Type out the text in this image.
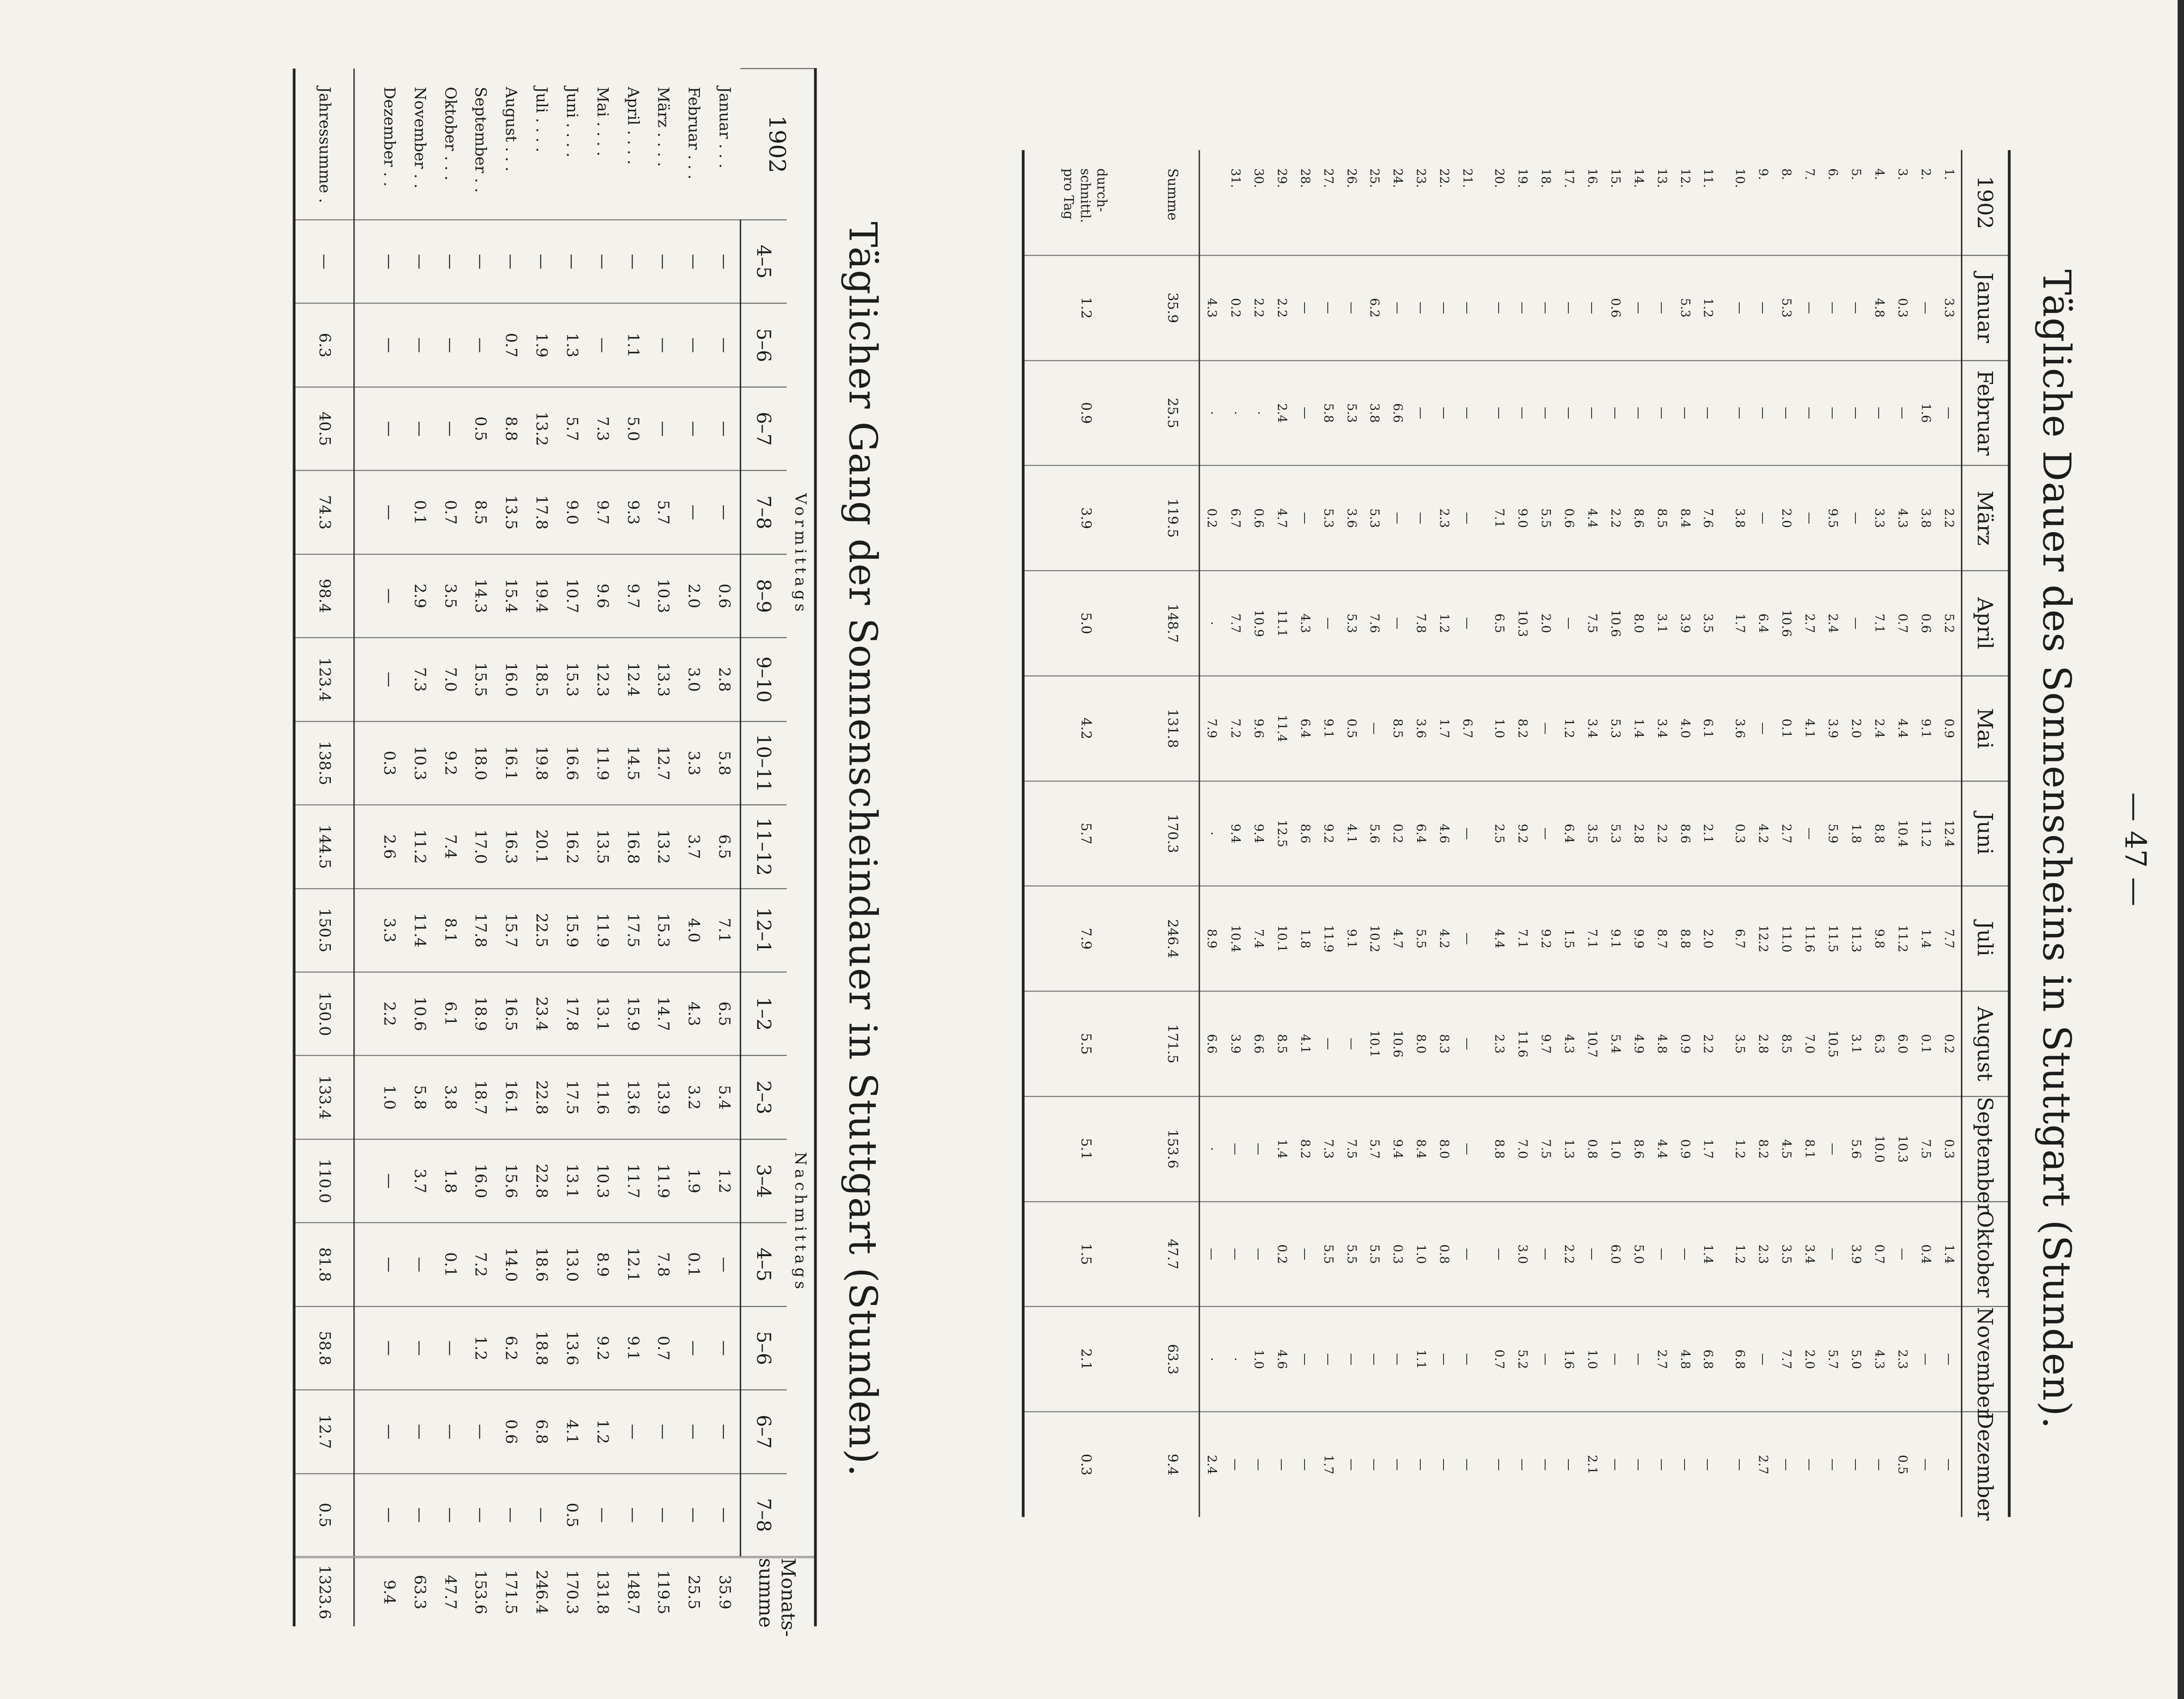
— 47 —
Tägliche Dauer des Sonnenscheins in Stuttgart (Stunden).
1902	Januar	Februar	März	April	Mai	Juni	Juli	August	September	Oktober	November	Dezember
1.	3.3	—	2.2	5.2	0.9	12.4	7.7	0.2	0.3	1.4	—	—
2.	—	1.6	3.8	0.6	9.1	11.2	1.4	0.1	7.5	0.4	—	—
3.	0.3	—	4.3	0.7	4.4	10.4	11.2	6.0	10.3	—	2.3	0.5
4.	4.8	—	3.3	7.1	2.4	8.8	9.8	6.3	10.0	0.7	4.3	—
5.	—	—	—	—	2.0	1.8	11.3	3.1	5.6	3.9	5.0	—
6.	—	—	9.5	2.4	3.9	5.9	11.5	10.5	—	—	5.7	—
7.	—	—	—	2.7	4.1	—	11.6	7.0	8.1	3.4	2.0	—
8.	5.3	—	2.0	10.6	0.1	2.7	11.0	8.5	4.5	3.5	7.7	—
9.	—	—	—	6.4	—	4.2	12.2	2.8	8.2	2.3	—	2.7
10.	—	—	3.8	1.7	3.6	0.3	6.7	3.5	1.2	1.2	6.8	—

11.	1.2	—	7.6	3.5	6.1	2.1	2.0	2.2	1.7	1.4	6.8	—
12.	5.3	—	8.4	3.9	4.0	8.6	8.8	0.9	0.9	—	4.8	—
13.	—	—	8.5	3.1	3.4	2.2	8.7	4.8	4.4	—	2.7	—
14.	—	—	8.6	8.0	1.4	2.8	9.9	4.9	8.6	5.0	—	—
15.	0.6	—	2.2	10.6	5.3	5.3	9.1	5.4	1.0	6.0	—	—
16.	—	—	4.4	7.5	3.4	3.5	7.1	10.7	0.8	—	1.0	2.1
17.	—	—	0.6	—	1.2	6.4	1.5	4.3	1.3	2.2	1.6	—
18.	—	—	5.5	2.0	—	—	9.2	9.7	7.5	—	—	—
19.	—	—	9.0	10.3	8.2	9.2	7.1	11.6	7.0	3.0	5.2	—
20.	—	—	7.1	6.5	1.0	2.5	4.4	2.3	8.8	—	0.7	—

21.	—	—	—	—	6.7	—	—	—	—	—	—	—
22.	—	—	2.3	1.2	1.7	4.6	4.2	8.3	8.0	0.8	—	—
23.	—	—	—	7.8	3.6	6.4	5.5	8.0	8.4	1.0	1.1	—
24.	—	6.6	—	—	8.5	0.2	4.7	10.6	9.4	0.3	—	—
25.	6.2	3.8	5.3	7.6	—	5.6	10.2	10.1	5.7	5.5	—	—
26.	—	5.3	3.6	5.3	0.5	4.1	9.1	—	7.5	5.5	—	—
27.	—	5.8	5.3	—	9.1	9.2	11.9	—	7.3	5.5	—	1.7
28.	—	—	—	4.3	6.4	8.6	1.8	4.1	8.2	—	—	—
29.	2.2	2.4	4.7	11.1	11.4	12.5	10.1	8.5	1.4	0.2	4.6	—
30.	2.2	·	0.6	10.9	9.6	9.4	7.4	6.6	—	—	1.0	—
31.	0.2	·	6.7	7.7	7.2	9.4	10.4	3.9	—	—	·	—
	4.3	·	0.2	·	7.9	·	8.9	6.6	·	—	·	2.4
Summe	35.9	25.5	119.5	148.7	131.8	170.3	246.4	171.5	153.6	47.7	63.3	9.4

durch-
schnittl.
pro Tag	1.2	0.9	3.9	5.0	4.2	5.7	7.9	5.5	5.1	1.5	2.1	0.3
Täglicher Gang der Sonnenscheindauer in Stuttgart (Stunden).
1902	Vormittags								Nachmittags								Monats-summe
	4–5	5–6	6–7	7–8	8–9	9–10	10–11	11–12	12–1	1–2	2–3	3–4	4–5	5–6	6–7	7–8	
Januar . . .	—	—	—	—	0.6	2.8	5.8	6.5	7.1	6.5	5.4	1.2	—	—	—	—	35.9
Februar . . .	—	—	—	—	2.0	3.0	3.3	3.7	4.0	4.3	3.2	1.9	0.1	—	—	—	25.5
März . . . .	—	—	—	5.7	10.3	13.3	12.7	13.2	15.3	14.7	13.9	11.9	7.8	0.7	—	—	119.5
April . . . .	—	1.1	5.0	9.3	9.7	12.4	14.5	16.8	17.5	15.9	13.6	11.7	12.1	9.1	—	—	148.7
Mai . . . .	—	—	7.3	9.7	9.6	12.3	11.9	13.5	11.9	13.1	11.6	10.3	8.9	9.2	1.2	—	131.8
Juni . . . .	—	1.3	5.7	9.0	10.7	15.3	16.6	16.2	15.9	17.8	17.5	13.1	13.0	13.6	4.1	0.5	170.3
Juli . . . .	—	1.9	13.2	17.8	19.4	18.5	19.8	20.1	22.5	23.4	22.8	22.8	18.6	18.8	6.8	—	246.4
August . . .	—	0.7	8.8	13.5	15.4	16.0	16.1	16.3	15.7	16.5	16.1	15.6	14.0	6.2	0.6	—	171.5
September . .	—	—	0.5	8.5	14.3	15.5	18.0	17.0	17.8	18.9	18.7	16.0	7.2	1.2	—	—	153.6
Oktober . . .	—	—	—	0.7	3.5	7.0	9.2	7.4	8.1	6.1	3.8	1.8	0.1	—	—	—	47.7
November . .	—	—	—	0.1	2.9	7.3	10.3	11.2	11.4	10.6	5.8	3.7	—	—	—	—	63.3
Dezember . .	—	—	—	—	—	—	0.3	2.6	3.3	2.2	1.0	—	—	—	—	—	9.4

Jahressumme .	—	6.3	40.5	74.3	98.4	123.4	138.5	144.5	150.5	150.0	133.4	110.0	81.8	58.8	12.7	0.5	1323.6
